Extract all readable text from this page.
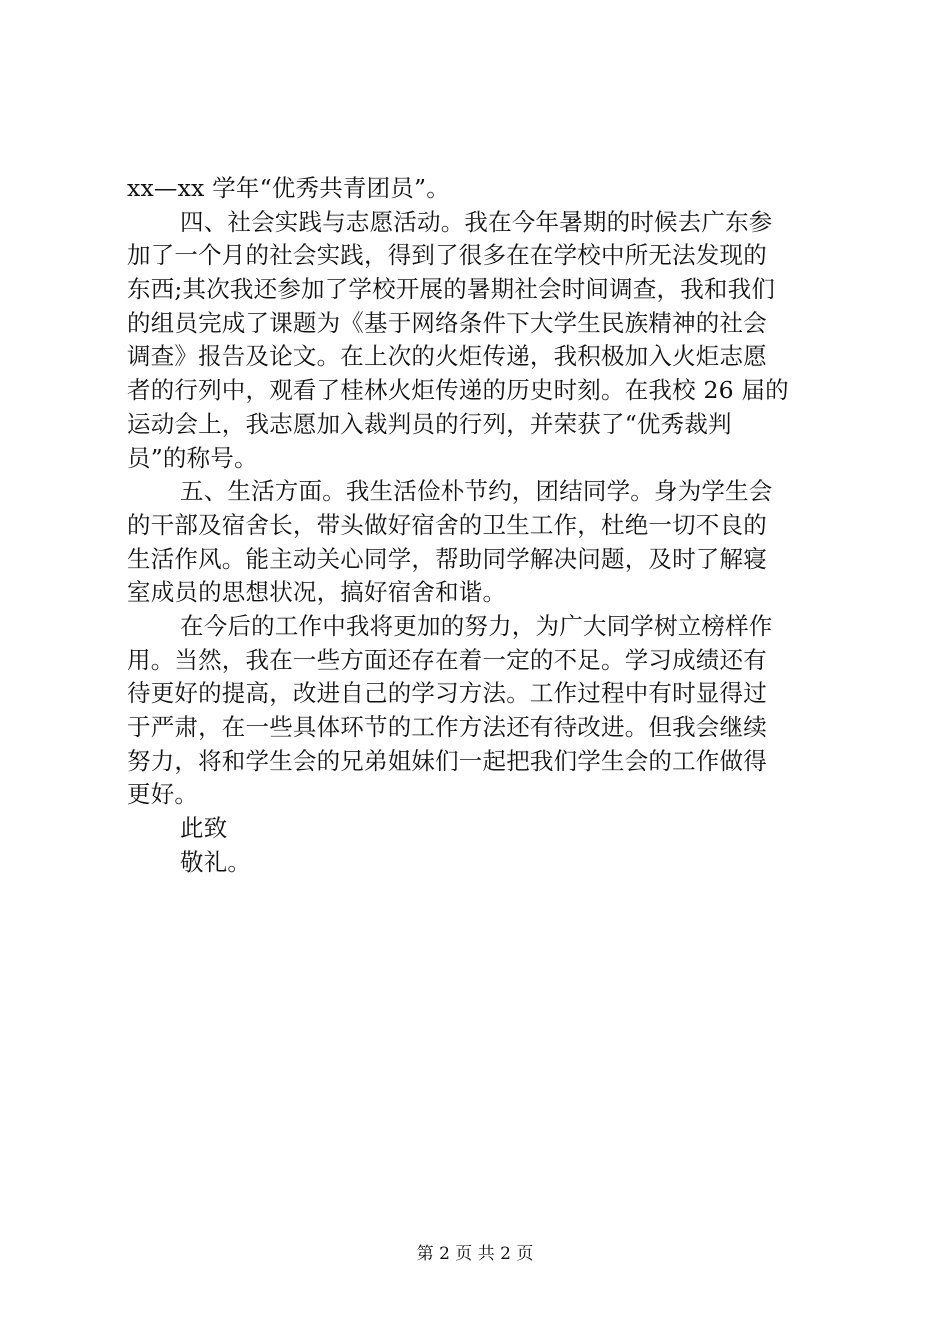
xx—xx 学年“优秀共青团员”。
四、社会实践与志愿活动。我在今年暑期的时候去广东参
加了一个月的社会实践，得到了很多在在学校中所无法发现的
东西;其次我还参加了学校开展的暑期社会时间调查，我和我们
的组员完成了课题为《基于网络条件下大学生民族精神的社会
调查》报告及论文。在上次的火炬传递，我积极加入火炬志愿
者的行列中，观看了桂林火炬传递的历史时刻。在我校 26 届的
运动会上，我志愿加入裁判员的行列，并荣获了“优秀裁判
员”的称号。
五、生活方面。我生活俭朴节约，团结同学。身为学生会
的干部及宿舍长，带头做好宿舍的卫生工作，杜绝一切不良的
生活作风。能主动关心同学，帮助同学解决问题，及时了解寝
室成员的思想状况，搞好宿舍和谐。
在今后的工作中我将更加的努力，为广大同学树立榜样作
用。当然，我在一些方面还存在着一定的不足。学习成绩还有
待更好的提高，改进自己的学习方法。工作过程中有时显得过
于严肃，在一些具体环节的工作方法还有待改进。但我会继续
努力，将和学生会的兄弟姐妹们一起把我们学生会的工作做得
更好。
此致
敬礼。
第 2 页 共 2 页
